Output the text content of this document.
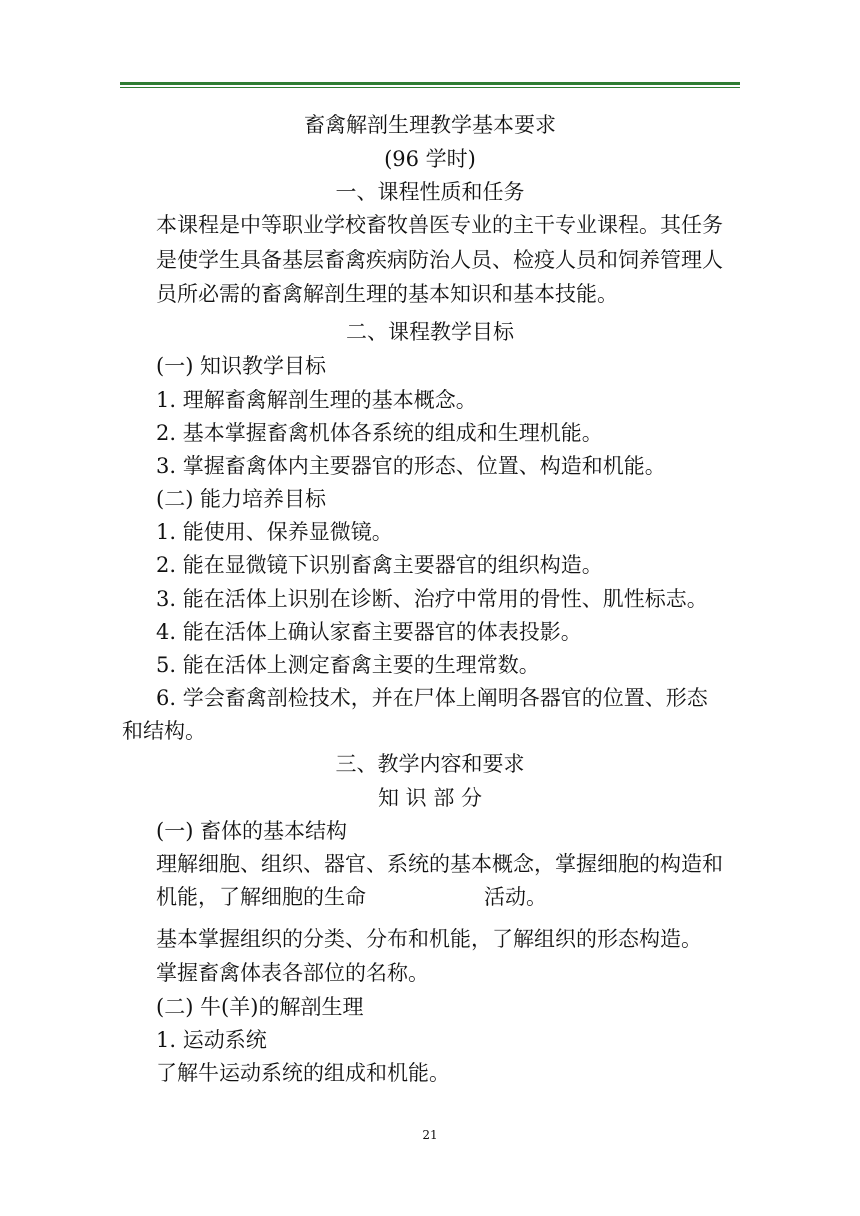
畜禽解剖生理教学基本要求
(96 学时)
一、课程性质和任务
本课程是中等职业学校畜牧兽医专业的主干专业课程。其任务
是使学生具备基层畜禽疾病防治人员、检疫人员和饲养管理人
员所必需的畜禽解剖生理的基本知识和基本技能。
二、课程教学目标
(一) 知识教学目标
1. 理解畜禽解剖生理的基本概念。
2. 基本掌握畜禽机体各系统的组成和生理机能。
3. 掌握畜禽体内主要器官的形态、位置、构造和机能。
(二) 能力培养目标
1. 能使用、保养显微镜。
2. 能在显微镜下识别畜禽主要器官的组织构造。
3. 能在活体上识别在诊断、治疗中常用的骨性、肌性标志。
4. 能在活体上确认家畜主要器官的体表投影。
5. 能在活体上测定畜禽主要的生理常数。
6. 学会畜禽剖检技术，并在尸体上阐明各器官的位置、形态
和结构。
三、教学内容和要求
知 识 部 分
(一) 畜体的基本结构
理解细胞、组织、器官、系统的基本概念，掌握细胞的构造和
机能，了解细胞的生命	活动。
基本掌握组织的分类、分布和机能，了解组织的形态构造。
掌握畜禽体表各部位的名称。
(二) 牛(羊)的解剖生理
1. 运动系统
了解牛运动系统的组成和机能。
21
